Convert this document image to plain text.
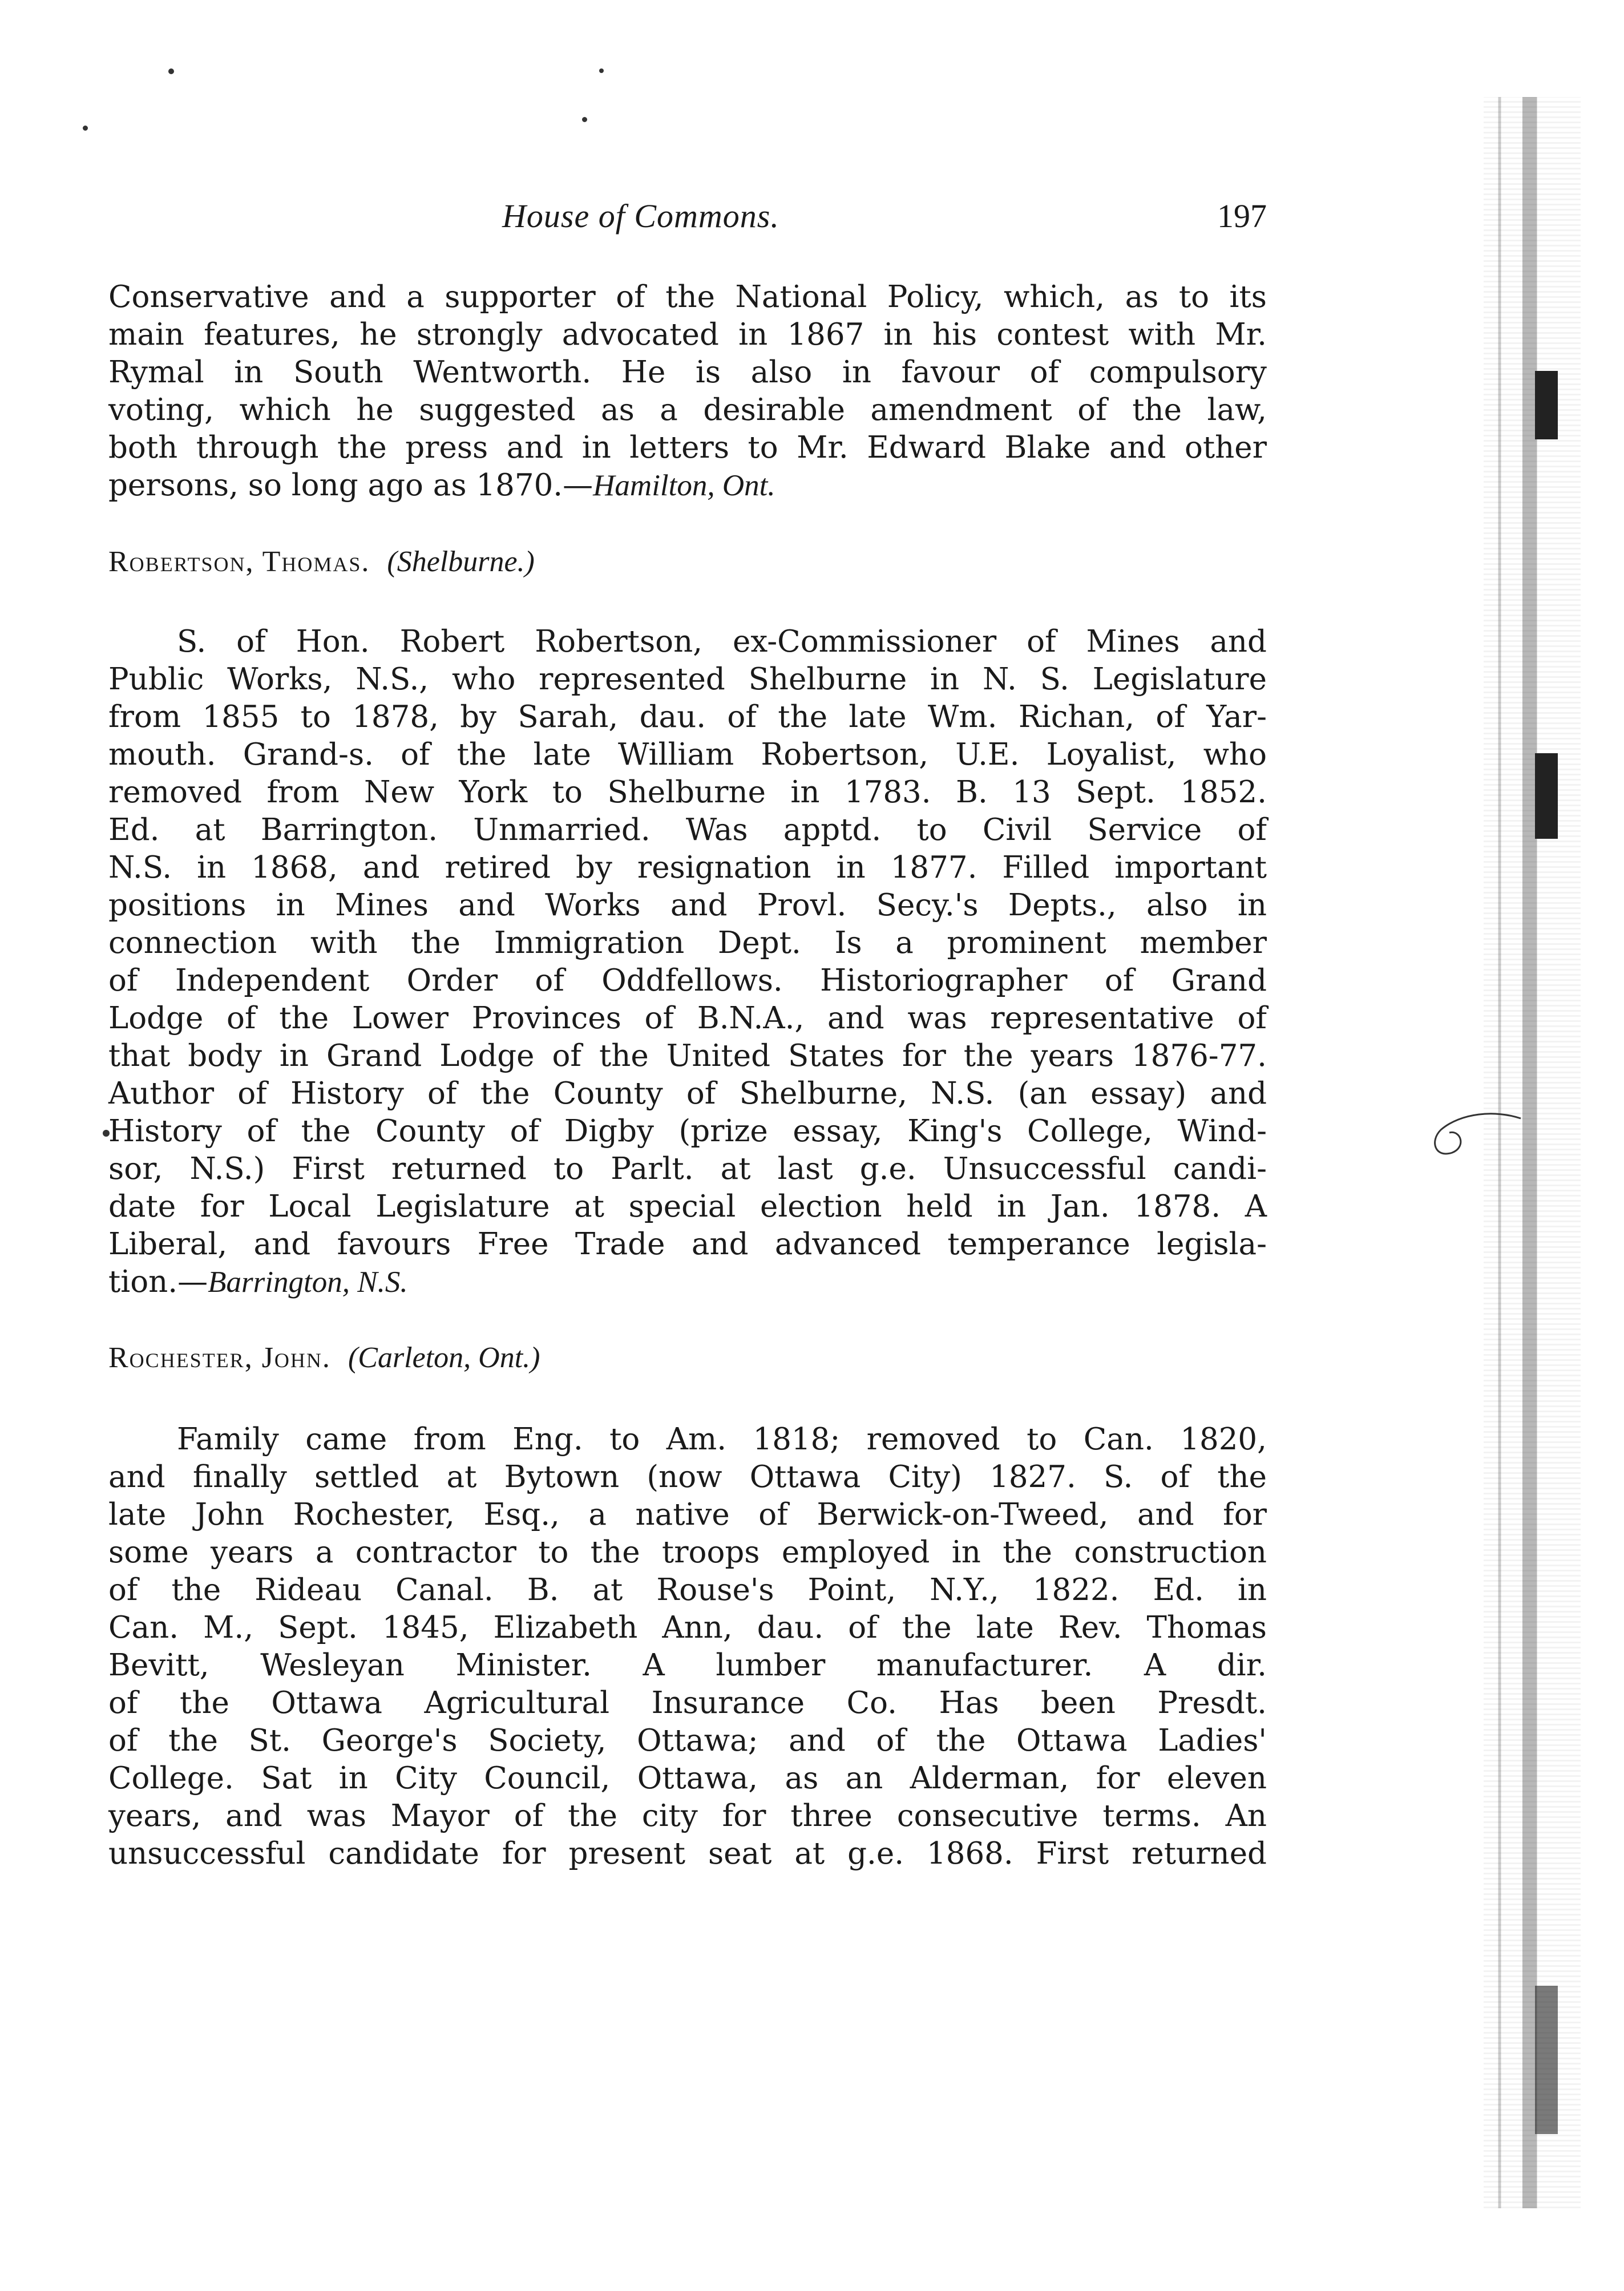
House of Commons.	197
Conservative and a supporter of the National Policy, which, as to its
main features, he strongly advocated in 1867 in his contest with Mr.
Rymal in South Wentworth. He is also in favour of compulsory
voting, which he suggested as a desirable amendment of the law,
both through the press and in letters to Mr. Edward Blake and other
persons, so long ago as 1870.—Hamilton, Ont.
Robertson, Thomas. (Shelburne.)
S. of Hon. Robert Robertson, ex-Commissioner of Mines and
Public Works, N.S., who represented Shelburne in N. S. Legislature
from 1855 to 1878, by Sarah, dau. of the late Wm. Richan, of Yar-
mouth. Grand-s. of the late William Robertson, U.E. Loyalist, who
removed from New York to Shelburne in 1783. B. 13 Sept. 1852.
Ed. at Barrington. Unmarried. Was apptd. to Civil Service of
N.S. in 1868, and retired by resignation in 1877. Filled important
positions in Mines and Works and Provl. Secy.'s Depts., also in
connection with the Immigration Dept. Is a prominent member
of Independent Order of Oddfellows. Historiographer of Grand
Lodge of the Lower Provinces of B.N.A., and was representative of
that body in Grand Lodge of the United States for the years 1876-77.
Author of History of the County of Shelburne, N.S. (an essay) and
History of the County of Digby (prize essay, King's College, Wind-
sor, N.S.) First returned to Parlt. at last g.e. Unsuccessful candi-
date for Local Legislature at special election held in Jan. 1878. A
Liberal, and favours Free Trade and advanced temperance legisla-
tion.—Barrington, N.S.
Rochester, John. (Carleton, Ont.)
Family came from Eng. to Am. 1818; removed to Can. 1820,
and finally settled at Bytown (now Ottawa City) 1827. S. of the
late John Rochester, Esq., a native of Berwick-on-Tweed, and for
some years a contractor to the troops employed in the construction
of the Rideau Canal. B. at Rouse's Point, N.Y., 1822. Ed. in
Can. M., Sept. 1845, Elizabeth Ann, dau. of the late Rev. Thomas
Bevitt, Wesleyan Minister. A lumber manufacturer. A dir.
of the Ottawa Agricultural Insurance Co. Has been Presdt.
of the St. George's Society, Ottawa; and of the Ottawa Ladies'
College. Sat in City Council, Ottawa, as an Alderman, for eleven
years, and was Mayor of the city for three consecutive terms. An
unsuccessful candidate for present seat at g.e. 1868. First returned
